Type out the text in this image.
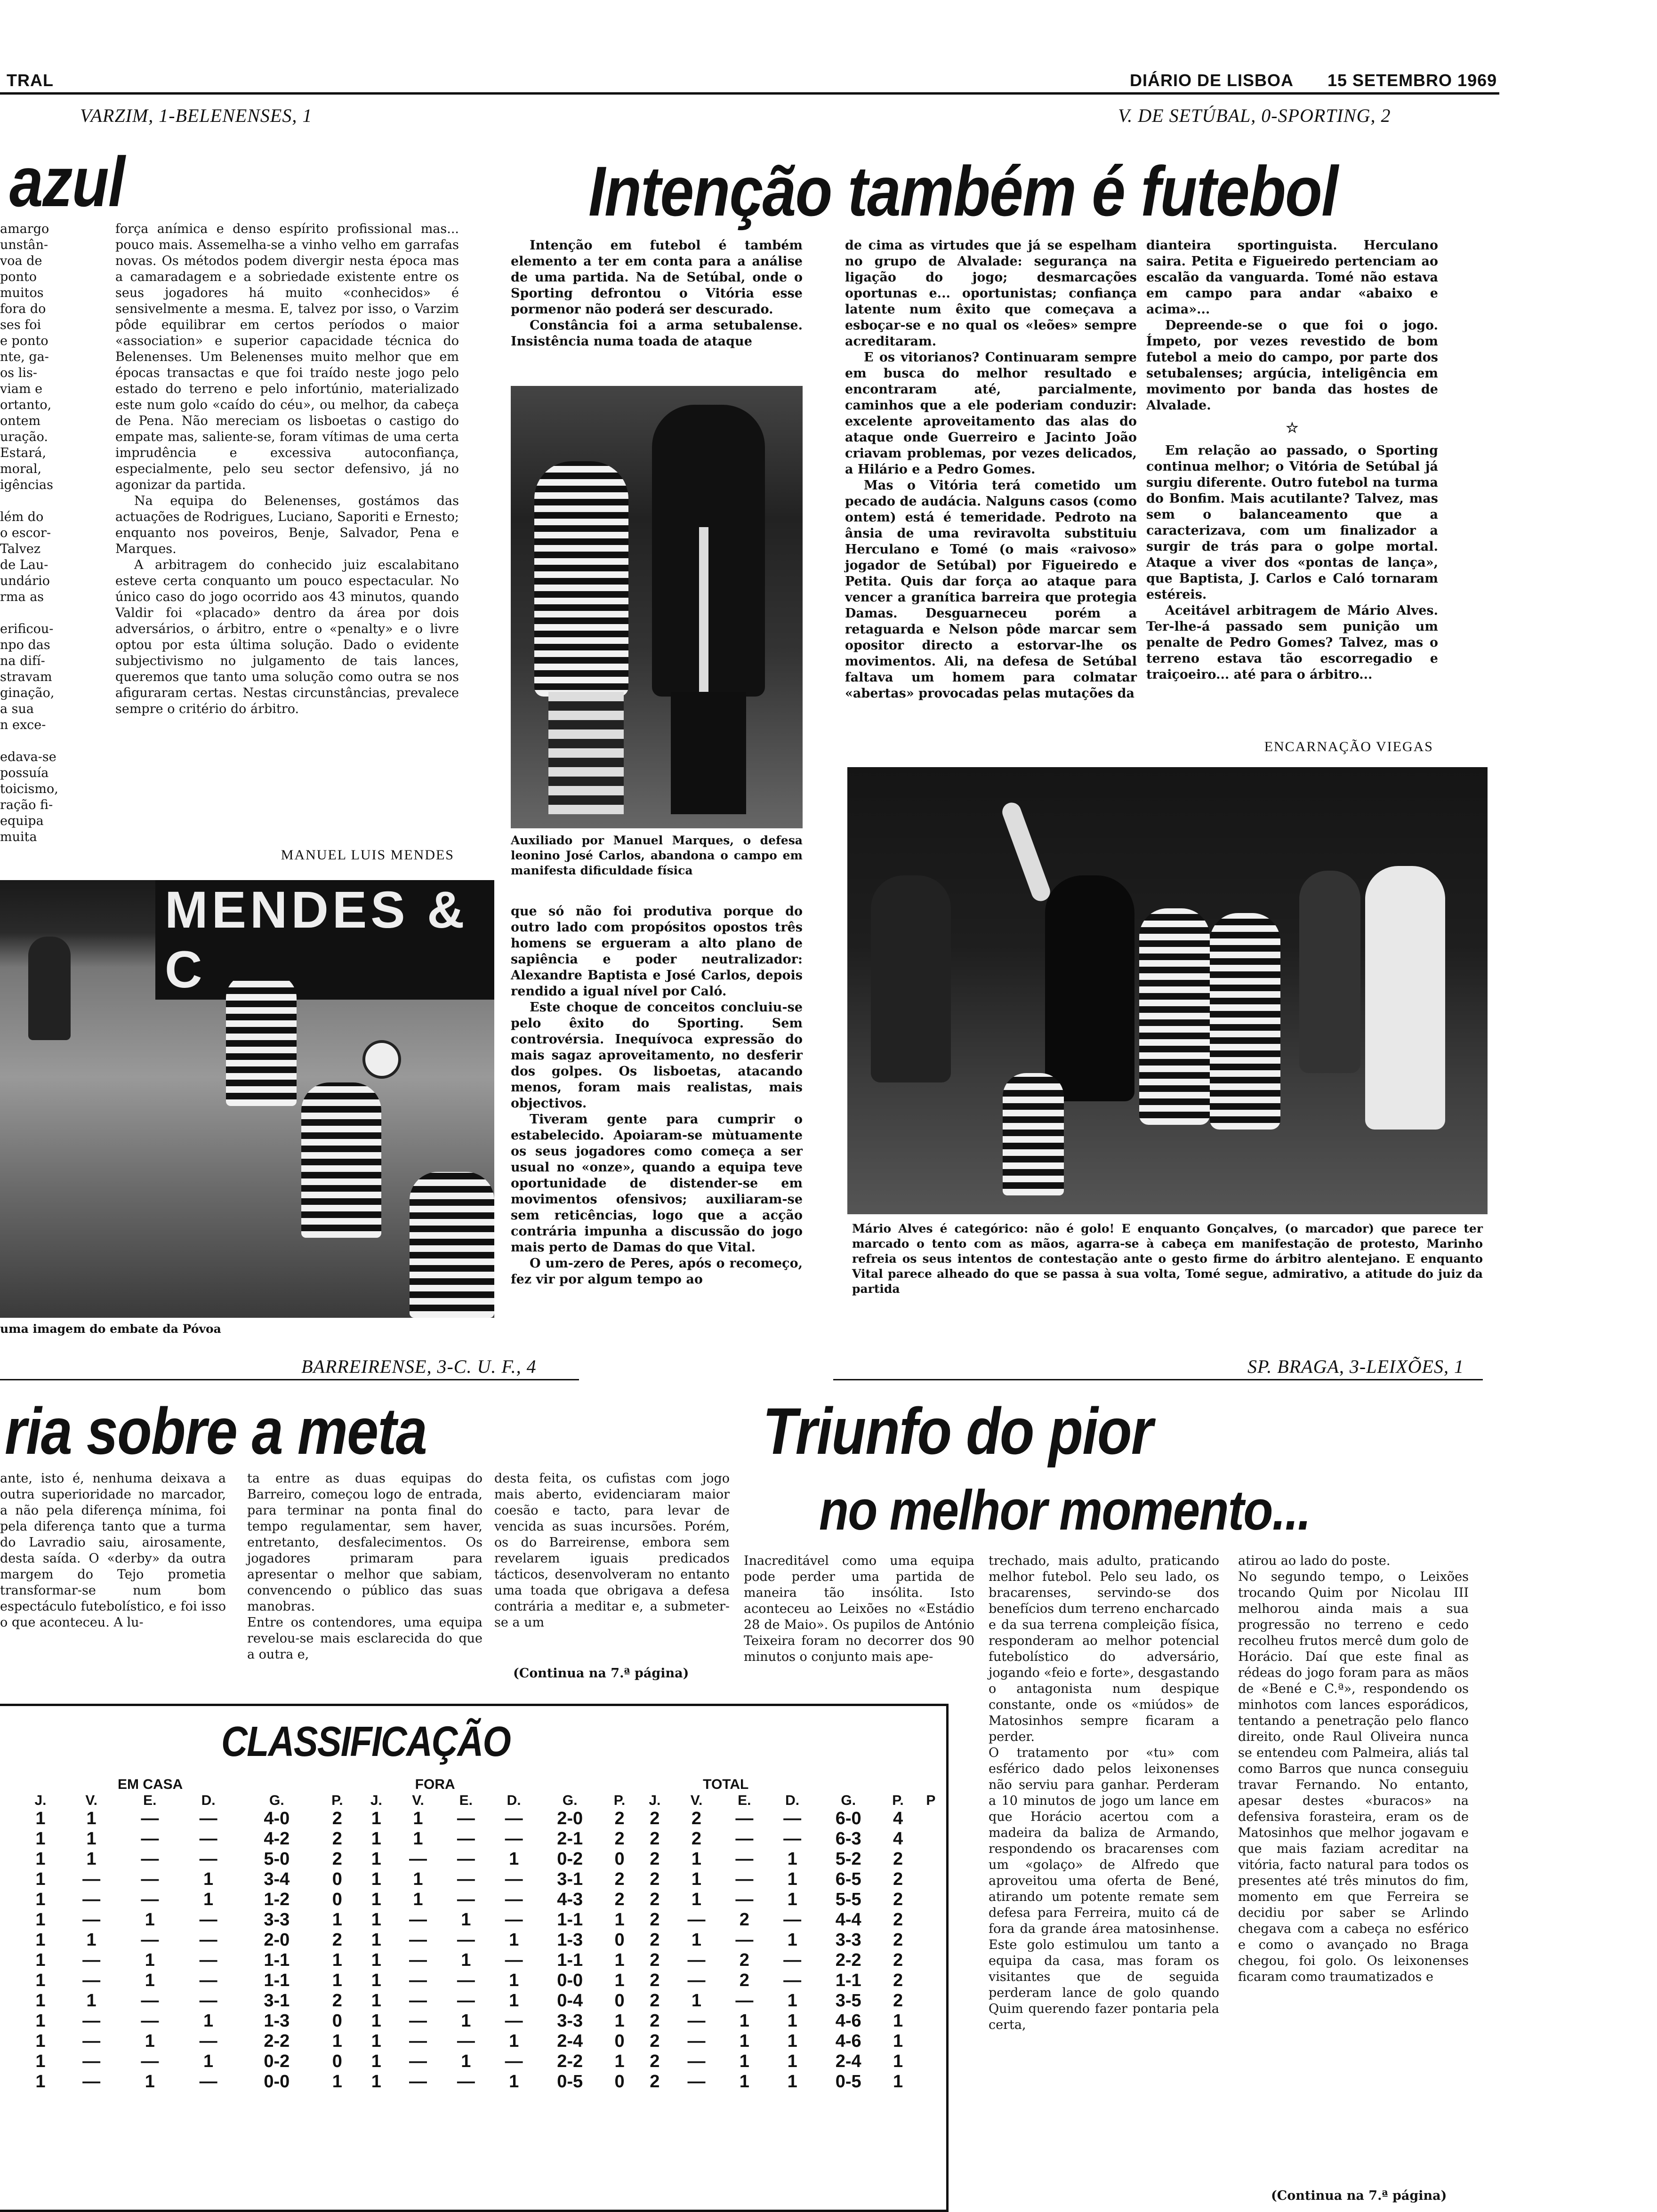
TRAL	DIÁRIO DE LISBOA 15 SETEMBRO 1969
VARZIM, 1-BELENENSES, 1
azul
amargo
unstân-
voa de
ponto
muitos
fora do
ses foi
e ponto
nte, ga-
os lis-
viam e
ortanto,
ontem
uração.
Estará,
moral,
igências
lém do
o escor-
Talvez
de Lau-
undário
rma as
erificou-
npo das
na difí-
stravam
ginação,
a sua
n exce-
edava-se
possuía
toicismo,
ração fi-
equipa
muita

força anímica e denso espírito profissional mas... pouco mais. Assemelha-se a vinho velho em garrafas novas. Os métodos podem divergir nesta época mas a camaradagem e a sobriedade existente entre os seus jogadores há muito «conhecidos» é sensivelmente a mesma. E, talvez por isso, o Varzim pôde equilibrar em certos períodos o maior «association» e superior capacidade técnica do Belenenses. Um Belenenses muito melhor que em épocas transactas e que foi traído neste jogo pelo estado do terreno e pelo infortúnio, materializado este num golo «caído do céu», ou melhor, da cabeça de Pena. Não mereciam os lisboetas o castigo do empate mas, saliente-se, foram vítimas de uma certa imprudência e excessiva autoconfiança, especialmente, pelo seu sector defensivo, já no agonizar da partida.

Na equipa do Belenenses, gostámos das actuações de Rodrigues, Luciano, Saporiti e Ernesto; enquanto nos poveiros, Benje, Salvador, Pena e Marques.

A arbitragem do conhecido juiz escalabitano esteve certa conquanto um pouco espectacular. No único caso do jogo ocorrido aos 43 minutos, quando Valdir foi «placado» dentro da área por dois adversários, o árbitro, entre o «penalty» e o livre optou por esta última solução. Dado o evidente subjectivismo no julgamento de tais lances, queremos que tanto uma solução como outra se nos afiguraram certas. Nestas circunstâncias, prevalece sempre o critério do árbitro.

MANUEL LUIS MENDES
MENDES & C
uma imagem do embate da Póvoa
V. DE SETÚBAL, 0-SPORTING, 2
Intenção também é futebol

Intenção em futebol é também elemento a ter em conta para a análise de uma partida. Na de Setúbal, onde o Sporting defrontou o Vitória esse pormenor não poderá ser descurado.

Constância foi a arma setubalense. Insistência numa toada de ataque

Auxiliado por Manuel Marques, o defesa leonino José Carlos, abandona o campo em manifesta dificuldade física

que só não foi produtiva porque do outro lado com propósitos opostos três homens se ergueram a alto plano de sapiência e poder neutralizador: Alexandre Baptista e José Carlos, depois rendido a igual nível por Caló.

Este choque de conceitos concluiu-se pelo êxito do Sporting. Sem controvérsia. Inequívoca expressão do mais sagaz aproveitamento, no desferir dos golpes. Os lisboetas, atacando menos, foram mais realistas, mais objectivos.

Tiveram gente para cumprir o estabelecido. Apoiaram-se mùtuamente os seus jogadores como começa a ser usual no «onze», quando a equipa teve oportunidade de distender-se em movimentos ofensivos; auxiliaram-se sem reticências, logo que a acção contrária impunha a discussão do jogo mais perto de Damas do que Vital.

O um-zero de Peres, após o recomeço, fez vir por algum tempo ao

de cima as virtudes que já se espelham no grupo de Alvalade: segurança na ligação do jogo; desmarcações oportunas e... oportunistas; confiança latente num êxito que começava a esboçar-se e no qual os «leões» sempre acreditaram.

E os vitorianos? Continuaram sempre em busca do melhor resultado e encontraram até, parcialmente, caminhos que a ele poderiam conduzir: excelente aproveitamento das alas do ataque onde Guerreiro e Jacinto João criavam problemas, por vezes delicados, a Hilário e a Pedro Gomes.

Mas o Vitória terá cometido um pecado de audácia. Nalguns casos (como ontem) está é temeridade. Pedroto na ânsia de uma reviravolta substituiu Herculano e Tomé (o mais «raivoso» jogador de Setúbal) por Figueiredo e Petita. Quis dar força ao ataque para vencer a granítica barreira que protegia Damas. Desguarneceu porém a retaguarda e Nelson pôde marcar sem opositor directo a estorvar-lhe os movimentos. Ali, na defesa de Setúbal faltava um homem para colmatar «abertas» provocadas pelas mutações da

dianteira sportinguista. Herculano saira. Petita e Figueiredo pertenciam ao escalão da vanguarda. Tomé não estava em campo para andar «abaixo e acima»...

Depreende-se o que foi o jogo. Ímpeto, por vezes revestido de bom futebol a meio do campo, por parte dos setubalenses; argúcia, inteligência em movimento por banda das hostes de Alvalade.

☆

Em relação ao passado, o Sporting continua melhor; o Vitória de Setúbal já surgiu diferente. Outro futebol na turma do Bonfim. Mais acutilante? Talvez, mas sem o balanceamento que a caracterizava, com um finalizador a surgir de trás para o golpe mortal. Ataque a viver dos «pontas de lança», que Baptista, J. Carlos e Caló tornaram estéreis.

Aceitável arbitragem de Mário Alves. Ter-lhe-á passado sem punição um penalte de Pedro Gomes? Talvez, mas o terreno estava tão escorregadio e traiçoeiro... até para o árbitro...

ENCARNAÇÃO VIEGAS
Mário Alves é categórico: não é golo! E enquanto Gonçalves, (o marcador) que parece ter marcado o tento com as mãos, agarra-se à cabeça em manifestação de protesto, Marinho refreia os seus intentos de contestação ante o gesto firme do árbitro alentejano. E enquanto Vital parece alheado do que se passa à sua volta, Tomé segue, admirativo, a atitude do juiz da partida
BARREIRENSE, 3-C. U. F., 4	SP. BRAGA, 3-LEIXÕES, 1
ria sobre a meta
ante, isto é, nenhuma deixava a outra superioridade no marcador, a não pela diferença mínima, foi pela diferença tanto que a turma do Lavradio saiu, airosamente, desta saída. O «derby» da outra margem do Tejo prometia transformar-se num bom espectáculo futebolístico, e foi isso o que aconteceu. A lu-
ta entre as duas equipas do Barreiro, começou logo de entrada, para terminar na ponta final do tempo regulamentar, sem haver, entretanto, desfalecimentos. Os jogadores primaram para apresentar o melhor que sabiam, convencendo o público das suas manobras.
Entre os contendores, uma equipa revelou-se mais esclarecida do que a outra e,
desta feita, os cufistas com jogo mais aberto, evidenciaram maior coesão e tacto, para levar de vencida as suas incursões. Porém, os do Barreirense, embora sem revelarem iguais predicados tácticos, desenvolveram no entanto uma toada que obrigava a defesa contrária a meditar e, a submeter-se a um
(Continua na 7.ª página)
CLASSIFICAÇÃO
EM CASA						FORA						TOTAL						
J.	V.	E.	D.	G.	P.	J.	V.	E.	D.	G.	P.	J.	V.	E.	D.	G.	P.	P
1	1	—	—	4-0	2	1	1	—	—	2-0	2	2	2	—	—	6-0	4	
1	1	—	—	4-2	2	1	1	—	—	2-1	2	2	2	—	—	6-3	4	
1	1	—	—	5-0	2	1	—	—	1	0-2	0	2	1	—	1	5-2	2	
1	—	—	1	3-4	0	1	1	—	—	3-1	2	2	1	—	1	6-5	2	
1	—	—	1	1-2	0	1	1	—	—	4-3	2	2	1	—	1	5-5	2	
1	—	1	—	3-3	1	1	—	1	—	1-1	1	2	—	2	—	4-4	2	
1	1	—	—	2-0	2	1	—	—	1	1-3	0	2	1	—	1	3-3	2	
1	—	1	—	1-1	1	1	—	1	—	1-1	1	2	—	2	—	2-2	2	
1	—	1	—	1-1	1	1	—	—	1	0-0	1	2	—	2	—	1-1	2	
1	1	—	—	3-1	2	1	—	—	1	0-4	0	2	1	—	1	3-5	2	
1	—	—	1	1-3	0	1	—	1	—	3-3	1	2	—	1	1	4-6	1	
1	—	1	—	2-2	1	1	—	—	1	2-4	0	2	—	1	1	4-6	1	
1	—	—	1	0-2	0	1	—	1	—	2-2	1	2	—	1	1	2-4	1	
1	—	1	—	0-0	1	1	—	—	1	0-5	0	2	—	1	1	0-5	1	
Triunfo do pior
no melhor momento...
Inacreditável como uma equipa pode perder uma partida de maneira tão insólita. Isto aconteceu ao Leixões no «Estádio 28 de Maio». Os pupilos de António Teixeira foram no decorrer dos 90 minutos o conjunto mais ape-
trechado, mais adulto, praticando melhor futebol. Pelo seu lado, os bracarenses, servindo-se dos benefícios dum terreno encharcado e da sua terrena compleição física, responderam ao melhor potencial futebolístico do adversário, jogando «feio e forte», desgastando o antagonista num despique constante, onde os «miúdos» de Matosinhos sempre ficaram a perder.
O tratamento por «tu» com esférico dado pelos leixonenses não serviu para ganhar. Perderam a 10 minutos de jogo um lance em que Horácio acertou com a madeira da baliza de Armando, respondendo os bracarenses com um «golaço» de Alfredo que aproveitou uma oferta de Bené, atirando um potente remate sem defesa para Ferreira, muito cá de fora da grande área matosinhense. Este golo estimulou um tanto a equipa da casa, mas foram os visitantes que de seguida perderam lance de golo quando Quim querendo fazer pontaria pela certa,
atirou ao lado do poste.
No segundo tempo, o Leixões trocando Quim por Nicolau III melhorou ainda mais a sua progressão no terreno e cedo recolheu frutos mercê dum golo de Horácio. Daí que este final as rédeas do jogo foram para as mãos de «Bené e C.ª», respondendo os minhotos com lances esporádicos, tentando a penetração pelo flanco direito, onde Raul Oliveira nunca se entendeu com Palmeira, aliás tal como Barros que nunca conseguiu travar Fernando. No entanto, apesar destes «buracos» na defensiva forasteira, eram os de Matosinhos que melhor jogavam e que mais faziam acreditar na vitória, facto natural para todos os presentes até três minutos do fim, momento em que Ferreira se decidiu por saber se Arlindo chegava com a cabeça no esférico e como o avançado no Braga chegou, foi golo. Os leixonenses ficaram como traumatizados e
(Continua na 7.ª página)
